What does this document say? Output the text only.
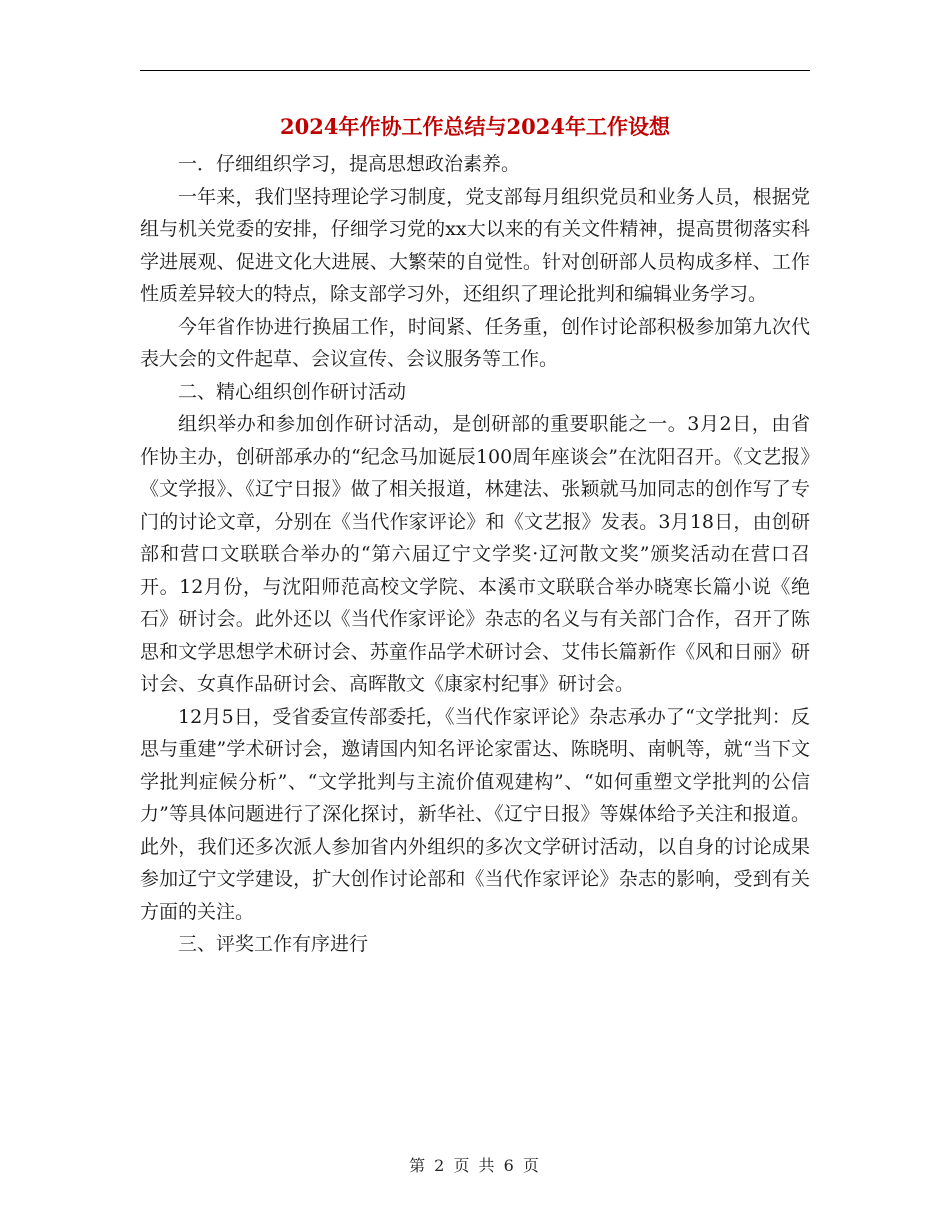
2024年作协工作总结与2024年工作设想

一．仔细组织学习，提高思想政治素养。

一年来，我们坚持理论学习制度，党支部每月组织党员和业务人员，根据党组与机关党委的安排，仔细学习党的xx大以来的有关文件精神，提高贯彻落实科学进展观、促进文化大进展、大繁荣的自觉性。针对创研部人员构成多样、工作性质差异较大的特点，除支部学习外，还组织了理论批判和编辑业务学习。

今年省作协进行换届工作，时间紧、任务重，创作讨论部积极参加第九次代表大会的文件起草、会议宣传、会议服务等工作。

二、精心组织创作研讨活动

组织举办和参加创作研讨活动，是创研部的重要职能之一。3月2日，由省作协主办，创研部承办的“纪念马加诞辰100周年座谈会”在沈阳召开。《文艺报》《文学报》、《辽宁日报》做了相关报道，林建法、张颖就马加同志的创作写了专门的讨论文章，分别在《当代作家评论》和《文艺报》发表。3月18日，由创研部和营口文联联合举办的“第六届辽宁文学奖·辽河散文奖”颁奖活动在营口召开。12月份，与沈阳师范高校文学院、本溪市文联联合举办晓寒长篇小说《绝石》研讨会。此外还以《当代作家评论》杂志的名义与有关部门合作，召开了陈思和文学思想学术研讨会、苏童作品学术研讨会、艾伟长篇新作《风和日丽》研讨会、女真作品研讨会、高晖散文《康家村纪事》研讨会。

12月5日，受省委宣传部委托，《当代作家评论》杂志承办了“文学批判：反思与重建”学术研讨会，邀请国内知名评论家雷达、陈晓明、南帆等，就“当下文学批判症候分析”、“文学批判与主流价值观建构”、“如何重塑文学批判的公信力”等具体问题进行了深化探讨，新华社、《辽宁日报》等媒体给予关注和报道。此外，我们还多次派人参加省内外组织的多次文学研讨活动，以自身的讨论成果参加辽宁文学建设，扩大创作讨论部和《当代作家评论》杂志的影响，受到有关方面的关注。

三、评奖工作有序进行

第 2 页 共 6 页
